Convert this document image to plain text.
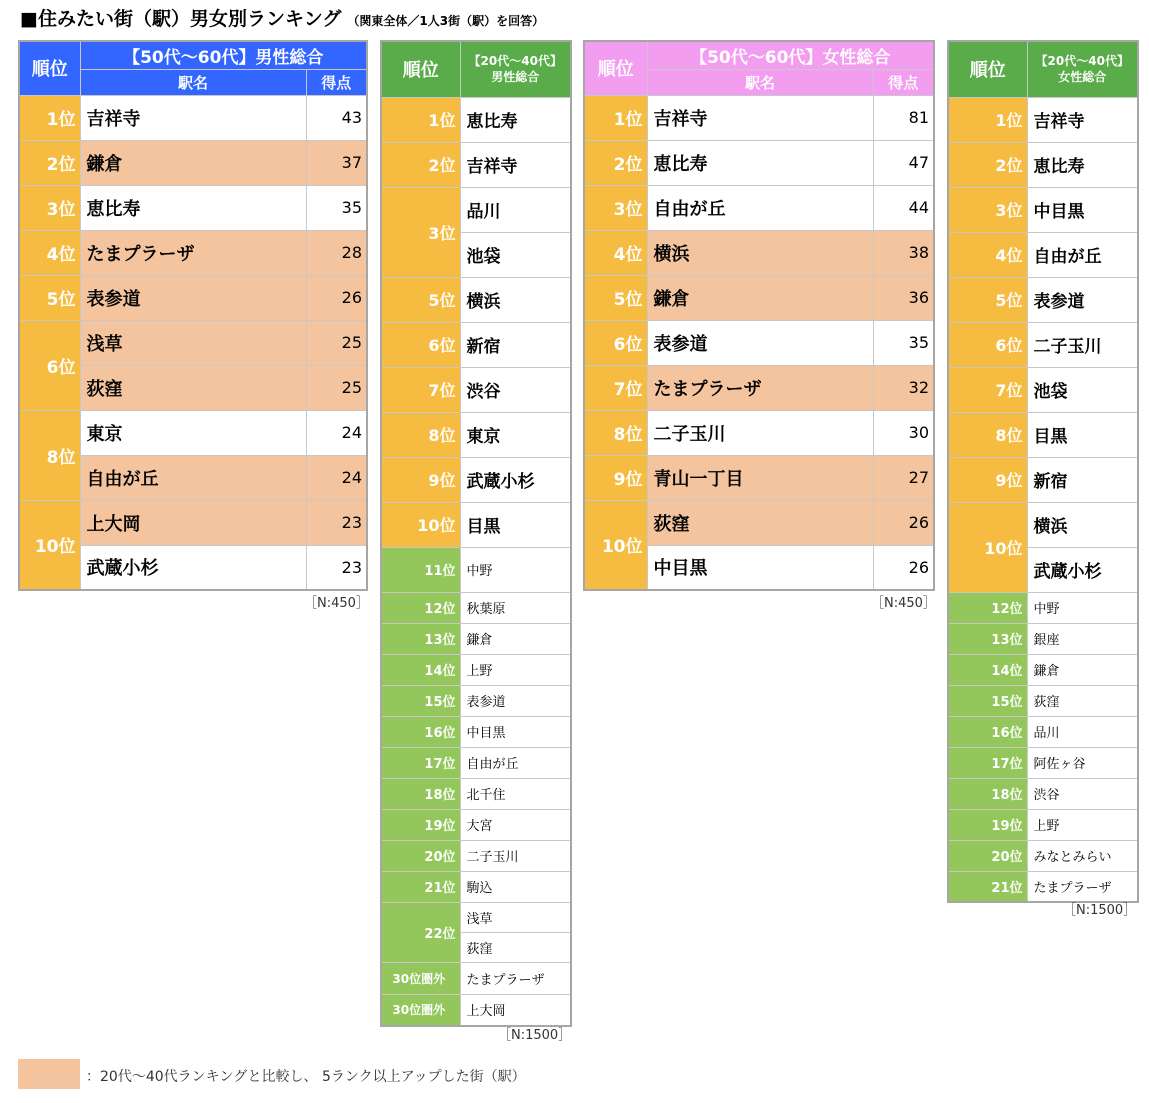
■住みたい街（駅）男女別ランキング （関東全体／1人3街（駅）を回答）
順位	【50代～60代】男性総合	
	駅名	得点
1位	吉祥寺	43
2位	鎌倉	37
3位	恵比寿	35
4位	たまプラーザ	28
5位	表参道	26
6位	浅草	25
	荻窪	25
8位	東京	24
	自由が丘	24
10位	上大岡	23
	武蔵小杉	23
［N:450］
順位	【20代～40代】
男性総合

1位	恵比寿
2位	吉祥寺
3位	品川
	池袋
5位	横浜
6位	新宿
7位	渋谷
8位	東京
9位	武蔵小杉
10位	目黒
11位	中野
12位	秋葉原
13位	鎌倉
14位	上野
15位	表参道
16位	中目黒
17位	自由が丘
18位	北千住
19位	大宮
20位	二子玉川
21位	駒込
22位	浅草
	荻窪
30位圏外	たまプラーザ
30位圏外	上大岡
［N:1500］
順位	【50代～60代】女性総合	
	駅名	得点
1位	吉祥寺	81
2位	恵比寿	47
3位	自由が丘	44
4位	横浜	38
5位	鎌倉	36
6位	表参道	35
7位	たまプラーザ	32
8位	二子玉川	30
9位	青山一丁目	27
10位	荻窪	26
	中目黒	26
［N:450］
順位	【20代～40代】
女性総合

1位	吉祥寺
2位	恵比寿
3位	中目黒
4位	自由が丘
5位	表参道
6位	二子玉川
7位	池袋
8位	目黒
9位	新宿
10位	横浜
	武蔵小杉
12位	中野
13位	銀座
14位	鎌倉
15位	荻窪
16位	品川
17位	阿佐ヶ谷
18位	渋谷
19位	上野
20位	みなとみらい
21位	たまプラーザ
［N:1500］
：20代～40代ランキングと比較し、 5ランク以上アップした街（駅）
